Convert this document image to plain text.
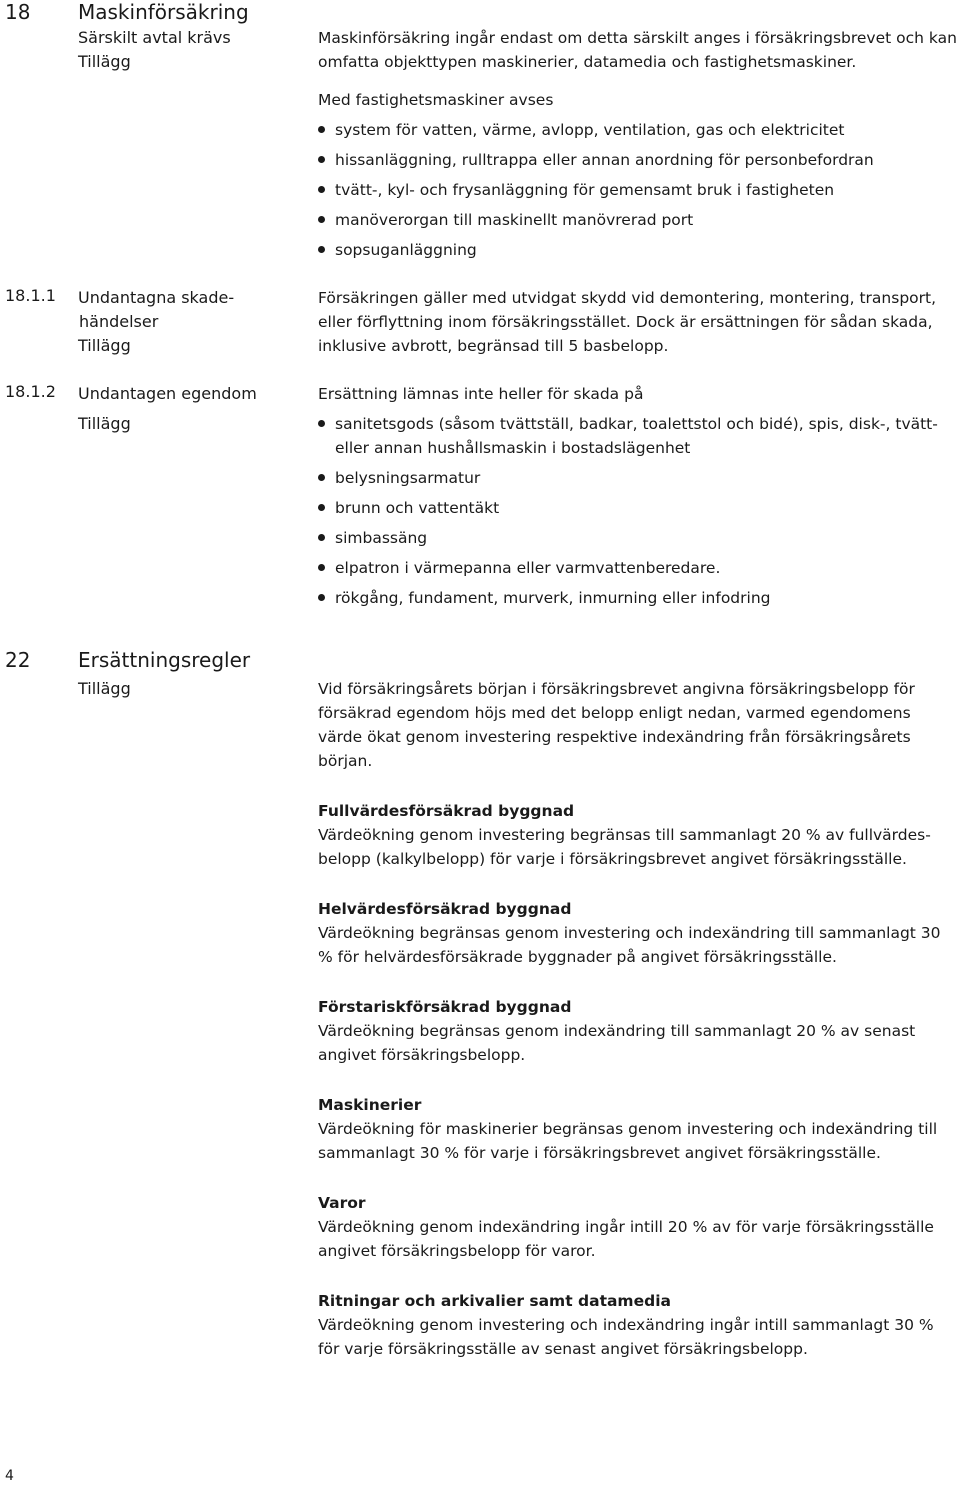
18 Maskinförsäkring
Särskilt avtal krävs
Tillägg

Maskinförsäkring ingår endast om detta särskilt anges i försäkringsbrevet och kan omfatta objekttypen maskinerier, datamedia och fastighetsmaskiner.

Med fastighetsmaskiner avses

system för vatten, värme, avlopp, ventilation, gas och elektricitet
hissanläggning, rulltrappa eller annan anordning för personbefordran
tvätt-, kyl- och frysanläggning för gemensamt bruk i fastigheten
manöverorgan till maskinellt manövrerad port
sopsuganläggning
18.1.1 Undantagna skade-
händelser
Tillägg

Försäkringen gäller med utvidgat skydd vid demontering, montering, transport, eller förflyttning inom försäkringsstället. Dock är ersättningen för sådan skada, inklusive avbrott, begränsad till 5 basbelopp.

18.1.2 Undantagen egendom
Tillägg

Ersättning lämnas inte heller för skada på

sanitetsgods (såsom tvättställ, badkar, toalettstol och bidé), spis, disk-, tvätt- eller annan hushållsmaskin i bostadslägenhet
belysningsarmatur
brunn och vattentäkt
simbassäng
elpatron i värmepanna eller varmvattenberedare.
rökgång, fundament, murverk, inmurning eller infodring
22 Ersättningsregler
Tillägg	Vid försäkringsårets början i försäkringsbrevet angivna försäkringsbelopp för försäkrad egendom höjs med det belopp enligt nedan, varmed egendomens värde ökat genom investering respektive indexändring från försäkringsårets början.

Fullvärdesförsäkrad byggnad

Värdeökning genom investering begränsas till sammanlagt 20 % av fullvärdes-belopp (kalkylbelopp) för varje i försäkringsbrevet angivet försäkringsställe.

Helvärdesförsäkrad byggnad

Värdeökning begränsas genom investering och indexändring till sammanlagt 30 % för helvärdesförsäkrade byggnader på angivet försäkringsställe.

Förstariskförsäkrad byggnad

Värdeökning begränsas genom indexändring till sammanlagt 20 % av senast angivet försäkringsbelopp.

Maskinerier

Värdeökning för maskinerier begränsas genom investering och indexändring till sammanlagt 30 % för varje i försäkringsbrevet angivet försäkringsställe.

Varor

Värdeökning genom indexändring ingår intill 20 % av för varje försäkringsställe angivet försäkringsbelopp för varor.

Ritningar och arkivalier samt datamedia

Värdeökning genom investering och indexändring ingår intill sammanlagt 30 % för varje försäkringsställe av senast angivet försäkringsbelopp.

4
